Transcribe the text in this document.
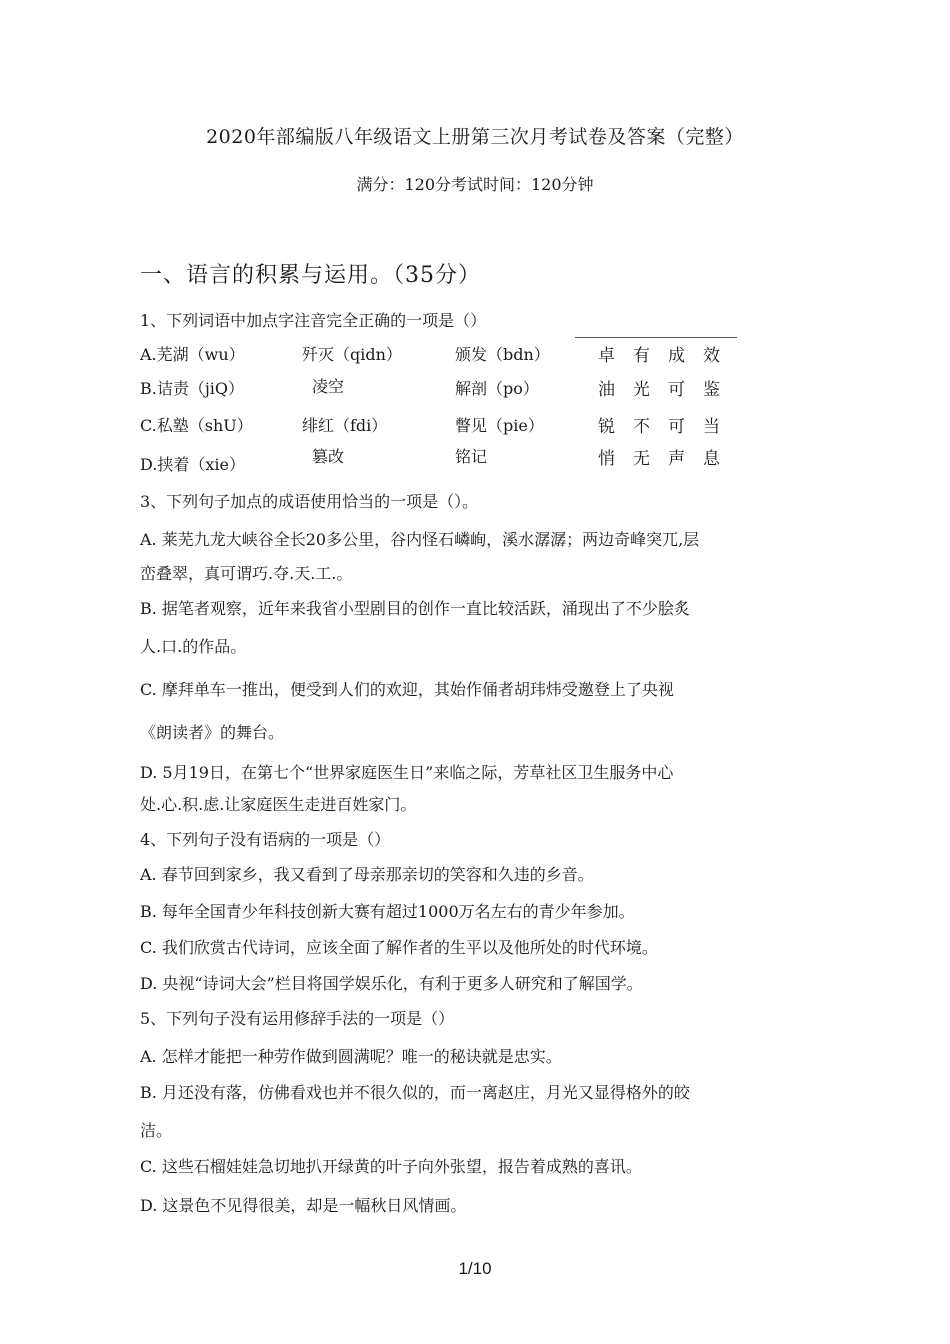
2020年部编版八年级语文上册第三次月考试卷及答案（完整）
满分：120分考试时间：120分钟
一、语言的积累与运用。（35分）
1、下列词语中加点字注音完全正确的一项是（）
A.芜湖（wu）	歼灭（qidn）	颁发（bdn）	卓有成效
B.诘责（jiQ）	凌空	解剖（po）	油光可鉴
C.私塾（shU）	绯红（fdi）	瞥见（pie）	锐不可当
D.挟着（xie）	篡改	铭记	悄无声息
3、下列句子加点的成语使用恰当的一项是（）。
A. 莱芜九龙大峡谷全长20多公里，谷内怪石嶙峋，溪水潺潺；两边奇峰突兀,层
峦叠翠，真可谓巧.夺.天.工.。
B. 据笔者观察，近年来我省小型剧目的创作一直比较活跃，涌现出了不少脍炙
人.口.的作品。
C. 摩拜单车一推出，便受到人们的欢迎，其始作俑者胡玮炜受邀登上了央视
《朗读者》的舞台。
D. 5月19日，在第七个“世界家庭医生日”来临之际，芳草社区卫生服务中心
处.心.积.虑.让家庭医生走进百姓家门。
4、下列句子没有语病的一项是（）
A. 春节回到家乡，我又看到了母亲那亲切的笑容和久违的乡音。
B. 每年全国青少年科技创新大赛有超过1000万名左右的青少年参加。
C. 我们欣赏古代诗词，应该全面了解作者的生平以及他所处的时代环境。
D. 央视“诗词大会”栏目将国学娱乐化，有利于更多人研究和了解国学。
5、下列句子没有运用修辞手法的一项是（）
A. 怎样才能把一种劳作做到圆满呢？唯一的秘诀就是忠实。
B. 月还没有落，仿佛看戏也并不很久似的，而一离赵庄，月光又显得格外的皎
洁。
C. 这些石榴娃娃急切地扒开绿黄的叶子向外张望，报告着成熟的喜讯。
D. 这景色不见得很美，却是一幅秋日风情画。
1/10
